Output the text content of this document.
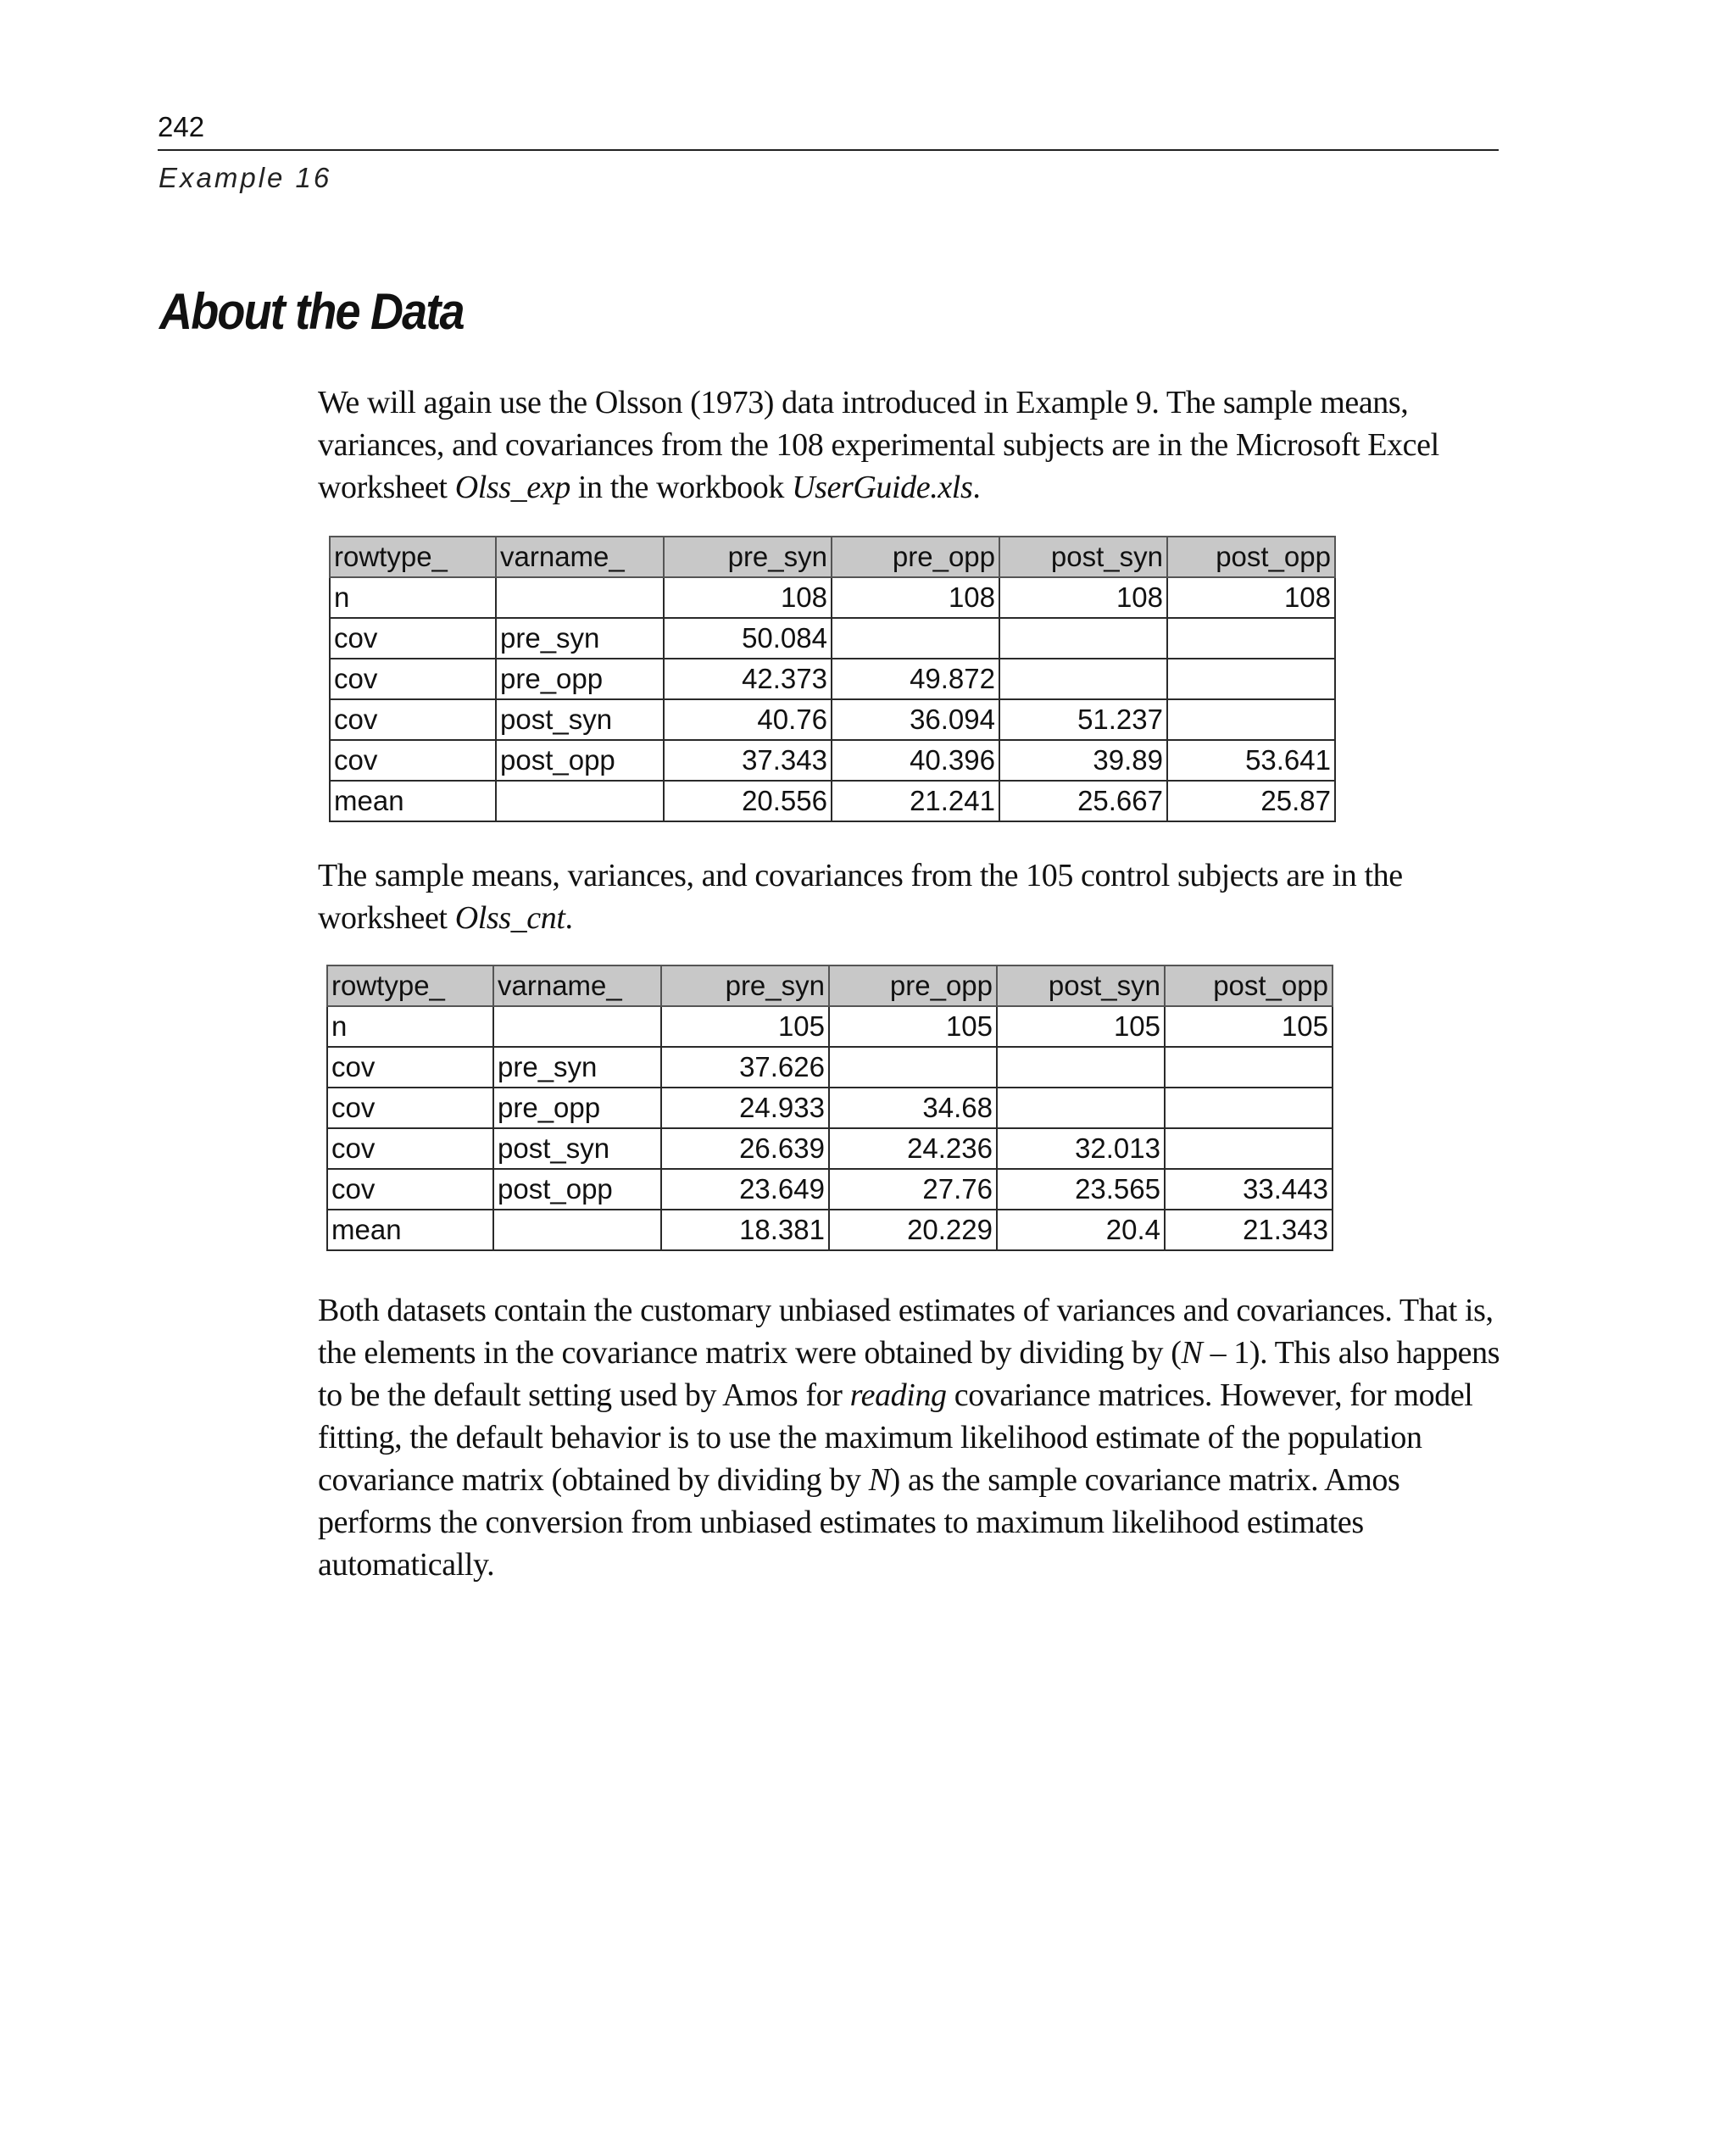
242
Example 16
About the Data

We will again use the Olsson (1973) data introduced in Example 9. The sample means, variances, and covariances from the 108 experimental subjects are in the Microsoft Excel worksheet Olss_exp in the workbook UserGuide.xls.

rowtype_	varname_	pre_syn	pre_opp	post_syn	post_opp
n		108	108	108	108
cov	pre_syn	50.084			
cov	pre_opp	42.373	49.872		
cov	post_syn	40.76	36.094	51.237	
cov	post_opp	37.343	40.396	39.89	53.641
mean		20.556	21.241	25.667	25.87

The sample means, variances, and covariances from the 105 control subjects are in the worksheet Olss_cnt.

rowtype_	varname_	pre_syn	pre_opp	post_syn	post_opp
n		105	105	105	105
cov	pre_syn	37.626			
cov	pre_opp	24.933	34.68		
cov	post_syn	26.639	24.236	32.013	
cov	post_opp	23.649	27.76	23.565	33.443
mean		18.381	20.229	20.4	21.343

Both datasets contain the customary unbiased estimates of variances and covariances. That is, the elements in the covariance matrix were obtained by dividing by (N – 1). This also happens to be the default setting used by Amos for reading covariance matrices. However, for model fitting, the default behavior is to use the maximum likelihood estimate of the population covariance matrix (obtained by dividing by N) as the sample covariance matrix. Amos performs the conversion from unbiased estimates to maximum likelihood estimates automatically.
